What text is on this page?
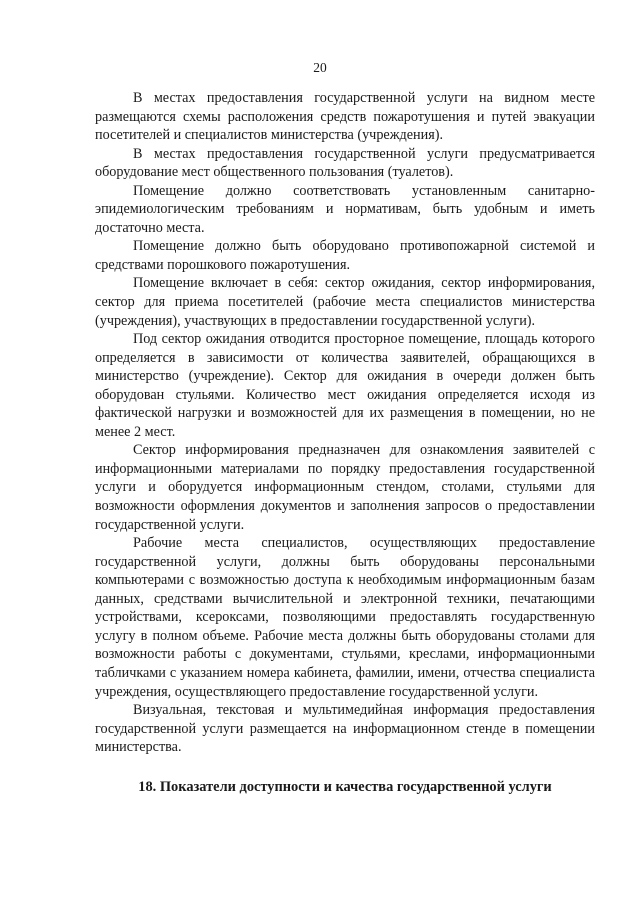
20

В местах предоставления государственной услуги на видном месте размещаются схемы расположения средств пожаротушения и путей эвакуации посетителей и специалистов министерства (учреждения).

В местах предоставления государственной услуги предусматривается оборудование мест общественного пользования (туалетов).

Помещение должно соответствовать установленным санитарно-эпидемиологическим требованиям и нормативам, быть удобным и иметь достаточно места.

Помещение должно быть оборудовано противопожарной системой и средствами порошкового пожаротушения.

Помещение включает в себя: сектор ожидания, сектор информирования, сектор для приема посетителей (рабочие места специалистов министерства (учреждения), участвующих в предоставлении государственной услуги).

Под сектор ожидания отводится просторное помещение, площадь которого определяется в зависимости от количества заявителей, обращающихся в министерство (учреждение). Сектор для ожидания в очереди должен быть оборудован стульями. Количество мест ожидания определяется исходя из фактической нагрузки и возможностей для их размещения в помещении, но не менее 2 мест.

Сектор информирования предназначен для ознакомления заявителей с информационными материалами по порядку предоставления государственной услуги и оборудуется информационным стендом, столами, стульями для возможности оформления документов и заполнения запросов о предоставлении государственной услуги.

Рабочие места специалистов, осуществляющих предоставление государственной услуги, должны быть оборудованы персональными компьютерами с возможностью доступа к необходимым информационным базам данных, средствами вычислительной и электронной техники, печатающими устройствами, ксероксами, позволяющими предоставлять государственную услугу в полном объеме. Рабочие места должны быть оборудованы столами для возможности работы с документами, стульями, креслами, информационными табличками с указанием номера кабинета, фамилии, имени, отчества специалиста учреждения, осуществляющего предоставление государственной услуги.

Визуальная, текстовая и мультимедийная информация предоставления государственной услуги размещается на информационном стенде в помещении министерства.

18. Показатели доступности и качества государственной услуги
